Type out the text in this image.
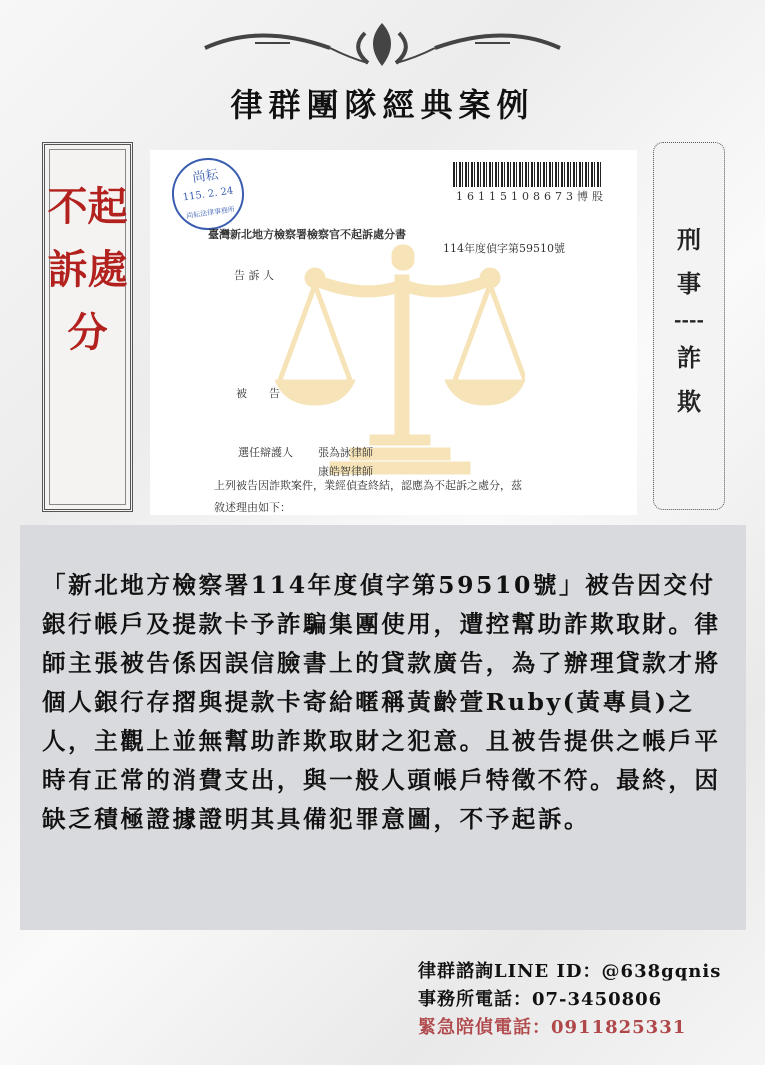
律群團隊經典案例
不起訴處分
尚耘
115. 2. 24
尚耘法律事務所
16115108673博股
臺灣新北地方檢察署檢察官不起訴處分書
114年度偵字第59510號
告 訴 人
被　　告
選任辯護人 張為詠律師
康皓智律師
上列被告因詐欺案件，業經偵查終結，認應為不起訴之處分，茲
敘述理由如下：
刑事
----
詐欺

「新北地方檢察署114年度偵字第59510號」被告因交付銀行帳戶及提款卡予詐騙集團使用，遭控幫助詐欺取財。律師主張被告係因誤信臉書上的貸款廣告，為了辦理貸款才將個人銀行存摺與提款卡寄給暱稱黃齡萱Ruby(黃專員)之人，主觀上並無幫助詐欺取財之犯意。且被告提供之帳戶平時有正常的消費支出，與一般人頭帳戶特徵不符。最終，因缺乏積極證據證明其具備犯罪意圖，不予起訴。

律群諮詢LINE ID：@638gqnis
事務所電話：07-3450806
緊急陪偵電話：0911825331
